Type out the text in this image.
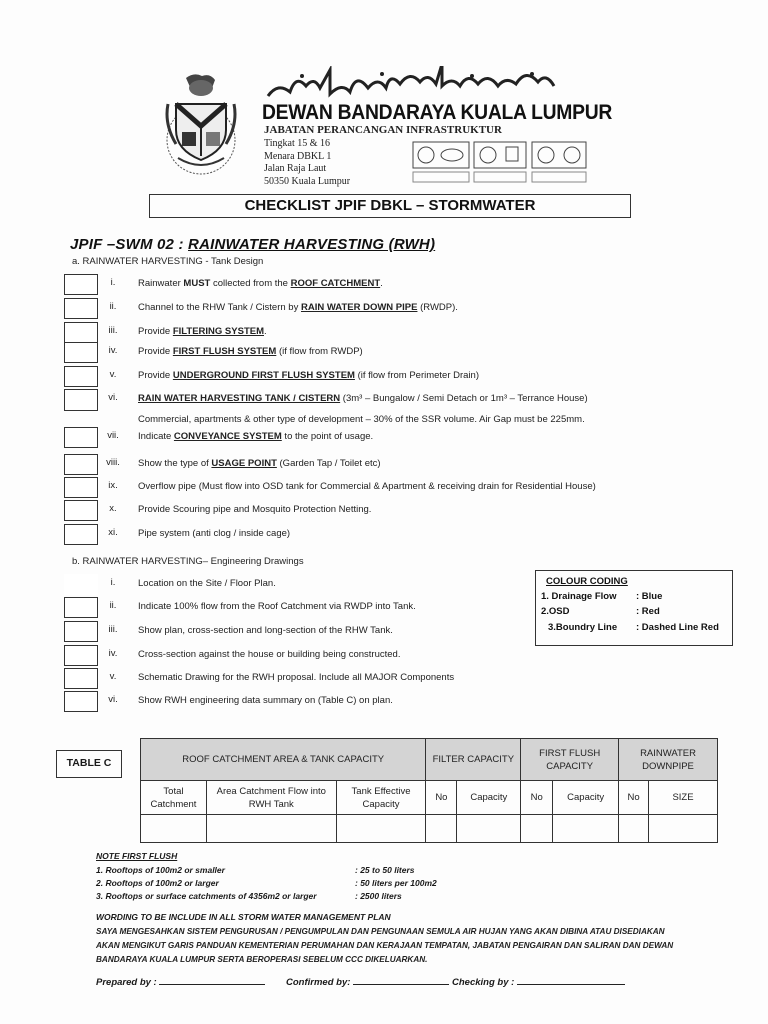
DEWAN BANDARAYA KUALA LUMPUR
JABATAN PERANCANGAN INFRASTRUKTUR
Tingkat 15 & 16
Menara DBKL 1
Jalan Raja Laut
50350 Kuala Lumpur
CHECKLIST JPIF DBKL – STORMWATER
JPIF –SWM 02 : RAINWATER HARVESTING (RWH)
a. RAINWATER HARVESTING - Tank Design
i.	Rainwater MUST collected from the ROOF CATCHMENT.
ii.	Channel to the RHW Tank / Cistern by RAIN WATER DOWN PIPE (RWDP).
iii.	Provide FILTERING SYSTEM.
iv.	Provide FIRST FLUSH SYSTEM (if flow from RWDP)
v.	Provide UNDERGROUND FIRST FLUSH SYSTEM (if flow from Perimeter Drain)
vi.	RAIN WATER HARVESTING TANK / CISTERN (3m³ – Bungalow / Semi Detach or 1m³ – Terrance House)
Commercial, apartments & other type of development – 30% of the SSR volume. Air Gap must be 225mm.
vii.	Indicate CONVEYANCE SYSTEM to the point of usage.
viii.	Show the type of USAGE POINT (Garden Tap / Toilet etc)
ix.	Overflow pipe (Must flow into OSD tank for Commercial & Apartment & receiving drain for Residential House)
x.	Provide Scouring pipe and Mosquito Protection Netting.
xi.	Pipe system (anti clog / inside cage)
b. RAINWATER HARVESTING– Engineering Drawings
i.	Location on the Site / Floor Plan.
ii.	Indicate 100% flow from the Roof Catchment via RWDP into Tank.
iii.	Show plan, cross-section and long-section of the RHW Tank.
iv.	Cross-section against the house or building being constructed.
v.	Schematic Drawing for the RWH proposal. Include all MAJOR Components
vi.	Show RWH engineering data summary on (Table C) on plan.
COLOUR CODING
1. Drainage Flow : Blue
2.OSD	: Red
3.Boundry Line : Dashed Line Red
TABLE C	ROOF CATCHMENT AREA & TANK CAPACITY			FILTER CAPACITY		FIRST FLUSH CAPACITY		RAINWATER DOWNPIPE	
Total Catchment	Area Catchment Flow into RWH Tank	Tank Effective Capacity	No	Capacity	No	Capacity	No	SIZE

NOTE FIRST FLUSH
1. Rooftops of 100m2 or smaller	: 25 to 50 liters
2. Rooftops of 100m2 or larger	: 50 liters per 100m2
3. Rooftops or surface catchments of 4356m2 or larger	: 2500 liters
WORDING TO BE INCLUDE IN ALL STORM WATER MANAGEMENT PLAN
SAYA MENGESAHKAN SISTEM PENGURUSAN / PENGUMPULAN DAN PENGUNAAN SEMULA AIR HUJAN YANG AKAN DIBINA ATAU DISEDIAKAN AKAN MENGIKUT GARIS PANDUAN KEMENTERIAN PERUMAHAN DAN KERAJAAN TEMPATAN, JABATAN PENGAIRAN DAN SALIRAN DAN DEWAN BANDARAYA KUALA LUMPUR SERTA BEROPERASI SEBELUM CCC DIKELUARKAN.
Prepared by :	Confirmed by:	Checking by :
